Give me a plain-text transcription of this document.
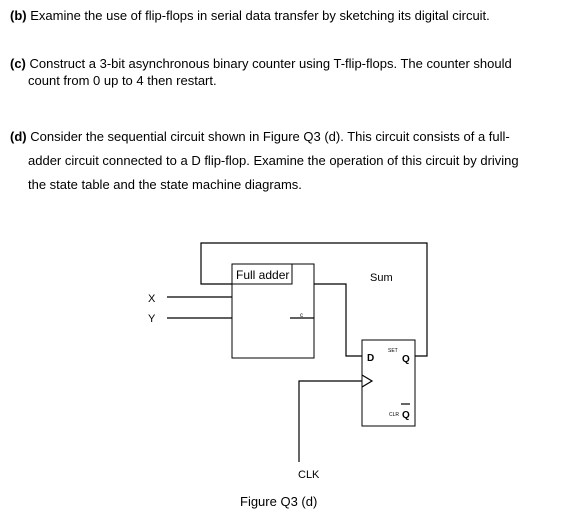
(b) Examine the use of flip-flops in serial data transfer by sketching its digital circuit.
(c) Construct a 3-bit asynchronous binary counter using T-flip-flops. The counter should
count from 0 up to 4 then restart.
(d) Consider the sequential circuit shown in Figure Q3 (d). This circuit consists of a full-
adder circuit connected to a D flip-flop. Examine the operation of this circuit by driving
the state table and the state machine diagrams.
Full adder
X
Y	c
Sum
D
SET
Q
CLR Q
CLK
Figure Q3 (d)
